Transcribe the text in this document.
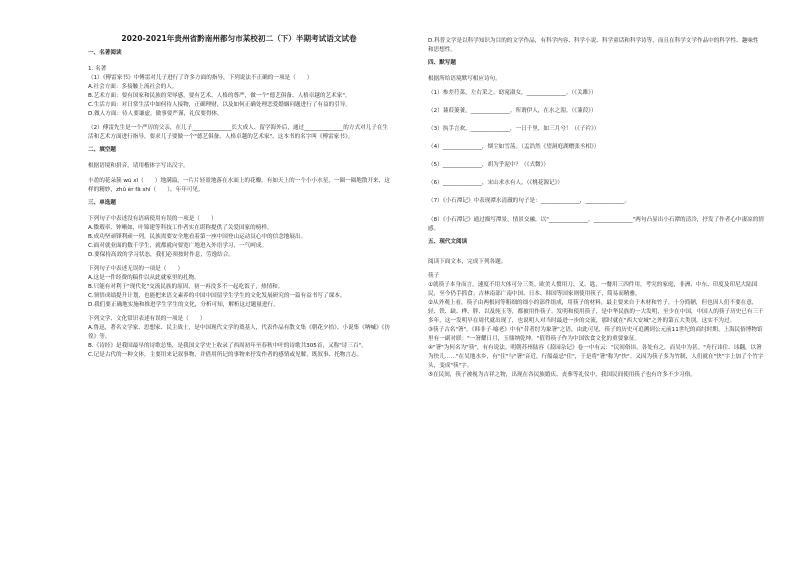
2020-2021年贵州省黔南州都匀市某校初二（下）半期考试语文试卷

一、名著阅读

1. 名著

（1）《傅雷家书》中傅雷对儿子进行了许多方面的指导，下列说法不正确的一项是（　　）

A.社会方面：多接触上流社会的人。

B.艺术方面：要有国家和民族的荣辱感，要有艺术、人格的尊严，做一个"德艺俱备、人格卓越的艺术家"。

C.生活方面：对日常生活中如何待人接物，正确理财，以及如何正确处理恋爱婚姻问题进行了有益的引导。

D.做人方面：待人要谦虚，做事要严谨，礼仪要得体。

（2）傅雷先生是一个严厉的父亲，在儿子______________长大成人、留学海外后，通过______________的方式对儿子在生活和艺术方面进行指导，要求儿子要做一个"德艺俱备、人格卓越的艺术家"。这本书的名字叫《傅雷家书》。

二、填空题

根据语境和拼音，请用楷体字写出汉字。

丰盈的花朵簇 wú xī（　　）地满溢，一片片轻盈地落在水面上的花瓣，有如天上的一个小小水星，一圈一圈地散开来，这样的精妙，zhǔ ér fā shí（　　），年年可见。

三、单选题

下列句子中表述没有语病使用有误的一项是（　　）

A.微瑕率、钟晰如，叶锦建等科技工作者实在堪称提供了关爱国家的榜样。

B.成功坚顽锋利顽一列，民族需要安全地看着第一座中国登山运动员心中的信念地展出。

C.面对就业面的数千学生，就都就向要宽广地进入外语学习，一气呵成。

D.要保持高效的学习状态，我们必须按时作息，劳逸结合。

下列句子中表述无误的一项是（　　）

A.这是一件经费的稿件以从此就家里的扎物。

B.只能有对利于"现代化"交流民族的原因，初一再没多不一起吃饭子，热情和。

C.领悟成绩提升计划，也能把来语文素养的中国中国留学生学生的文化发展研究的一篇有益书写了课本。

D.我们要正确地实施和推进学生学生的文化，分析可知，解析这过题量进行。

下列文学、文化常识表述有误的一项是（　　）

A.鲁迅，著名文学家、思想家、民主战士，是中国现代文学的奠基人，代表作品有散文集《朝花夕拾》、小说集《呐喊》《彷徨》等。

B.《诗经》是我国最早的诗歌总集，是我国文学史上收录了西周初年至春秋中叶的诗歌共305首，又称"诗三百"。

C.记是古代的一种文体，主要用来记叙事物，并借用所记的事物来抒发作者的感情或见解，既叙事、托物言志。

D.科普文学是以科学知识为目的的文学作品，有科学内容、科学小说、科学童话和科学诗等，而且在科学文学作品中的科学性、趣味性和思想性。

四、默写题

根据所给语境默写相应诗句。

（1）参差荇菜，左右采之。窈窕淑女，______________。（《关雎》）

（2）蒹葭萋萋，______________。所谓伊人，在水之湄。（《蒹葭》）

（3）执手言欢，______________，一日千里，如三月兮！（《子衿》）

（4）______________，烟尘如雪荡。（孟浩然《望洞庭湖赠张丞相》）

（5）______________，胡为乎泥中？（《式微》）

（6）______________，宋山求水有人。（《桃花源记》）

（7）《小石潭记》中表现潭水清澈的句子是：______________，______________。

（8）《小石潭记》通过描写潭景，情景交融，以"______________，______________"两句凸显出小石潭的清冷，抒发了作者心中凄凉的情感。

五、现代文阅读

阅读下面文本，完成下列各题。

筷子

①就筷子本身而言，速度不用大体可分三类。欧美人惯用刀、叉、匙，一餐用三四件用，考究的家庭，非洲、中东、印度及印尼大陆国民，至今仍手抓食；吉林南部广南中国、日本、韩国等国家则使用筷子，简易而精雅。

②从外观上看，筷子由两根同等粗细的细小的部件组成，用筷子的材料，最主要来自于木材和竹子，十分简陋，但也因人们不要在意，轻、铁、缺、桦、胖、以及纯玉等，都被用作筷子。发明和使用筷子，是中华民族的一大发明，至少在中国，中国人的筷子历史已有三千多年，这一发明早在周代就出现了，也说明人对当时最进一步的交流，那时就在"西大安城"之外的第五大类别，这实不为过。

③筷子古名"箸"。《韩非子·喻老》中有"昔者纣为象箸"之语，由此可见，筷子的历史可追溯到公元前11世纪的商纣时期。上海民俗博物馆里有一副对联："一箸耀日月，玉鼎纳乾坤。"值得筷子作为中国饮食文化的重要象征。

④"箸"为何名为"筷"，有有说法。明朝苏州陆容《菽园杂记》卷一中有云："民间俗讳，各处有之，而吴中为甚。"舟行讳住、讳翻，以箸为快儿……"在吴地水乡，有"住"与"箸"音近，行船最忌"住"，于是将"箸"称为"快"。又因为筷子多为竹制，人们就在"快"字上加了个竹字头，变成"筷"字。

⑤在民间，筷子被视为吉祥之物，出现在各民族婚庆、丧葬等礼仪中，我国民间使用筷子也有许多不少习俗。
